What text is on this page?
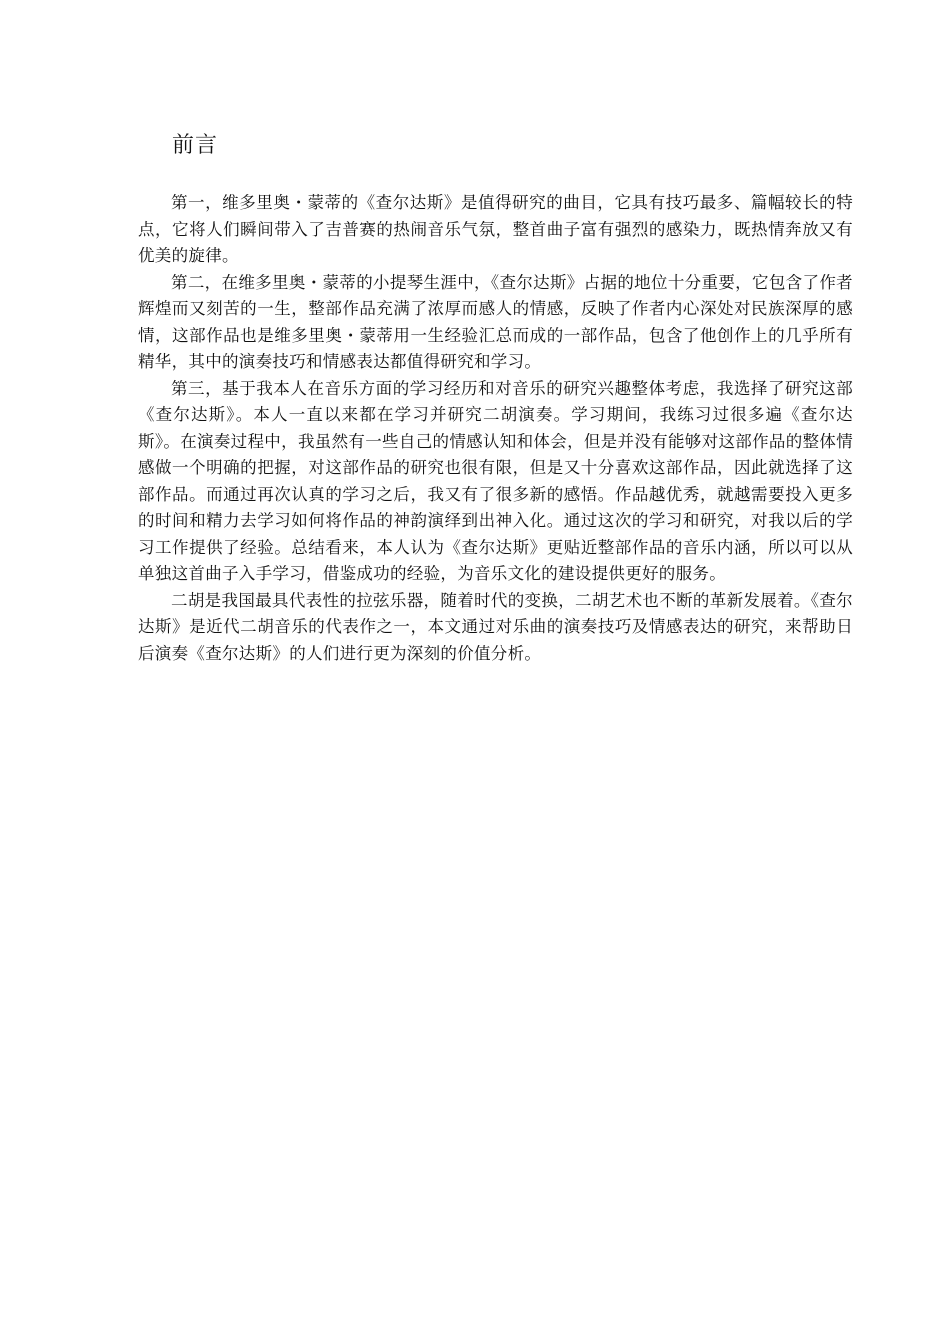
前言

第一，维多里奥・蒙蒂的《查尔达斯》是值得研究的曲目，它具有技巧最多、篇幅较长的特点，它将人们瞬间带入了吉普赛的热闹音乐气氛，整首曲子富有强烈的感染力，既热情奔放又有优美的旋律。

第二，在维多里奥・蒙蒂的小提琴生涯中，《查尔达斯》占据的地位十分重要，它包含了作者辉煌而又刻苦的一生，整部作品充满了浓厚而感人的情感，反映了作者内心深处对民族深厚的感情，这部作品也是维多里奥・蒙蒂用一生经验汇总而成的一部作品，包含了他创作上的几乎所有精华，其中的演奏技巧和情感表达都值得研究和学习。

第三，基于我本人在音乐方面的学习经历和对音乐的研究兴趣整体考虑，我选择了研究这部《查尔达斯》。本人一直以来都在学习并研究二胡演奏。学习期间，我练习过很多遍《查尔达斯》。在演奏过程中，我虽然有一些自己的情感认知和体会，但是并没有能够对这部作品的整体情感做一个明确的把握，对这部作品的研究也很有限，但是又十分喜欢这部作品，因此就选择了这部作品。而通过再次认真的学习之后，我又有了很多新的感悟。作品越优秀，就越需要投入更多的时间和精力去学习如何将作品的神韵演绎到出神入化。通过这次的学习和研究，对我以后的学习工作提供了经验。总结看来，本人认为《查尔达斯》更贴近整部作品的音乐内涵，所以可以从单独这首曲子入手学习，借鉴成功的经验，为音乐文化的建设提供更好的服务。

二胡是我国最具代表性的拉弦乐器，随着时代的变换，二胡艺术也不断的革新发展着。《查尔达斯》是近代二胡音乐的代表作之一，本文通过对乐曲的演奏技巧及情感表达的研究，来帮助日后演奏《查尔达斯》的人们进行更为深刻的价值分析。
